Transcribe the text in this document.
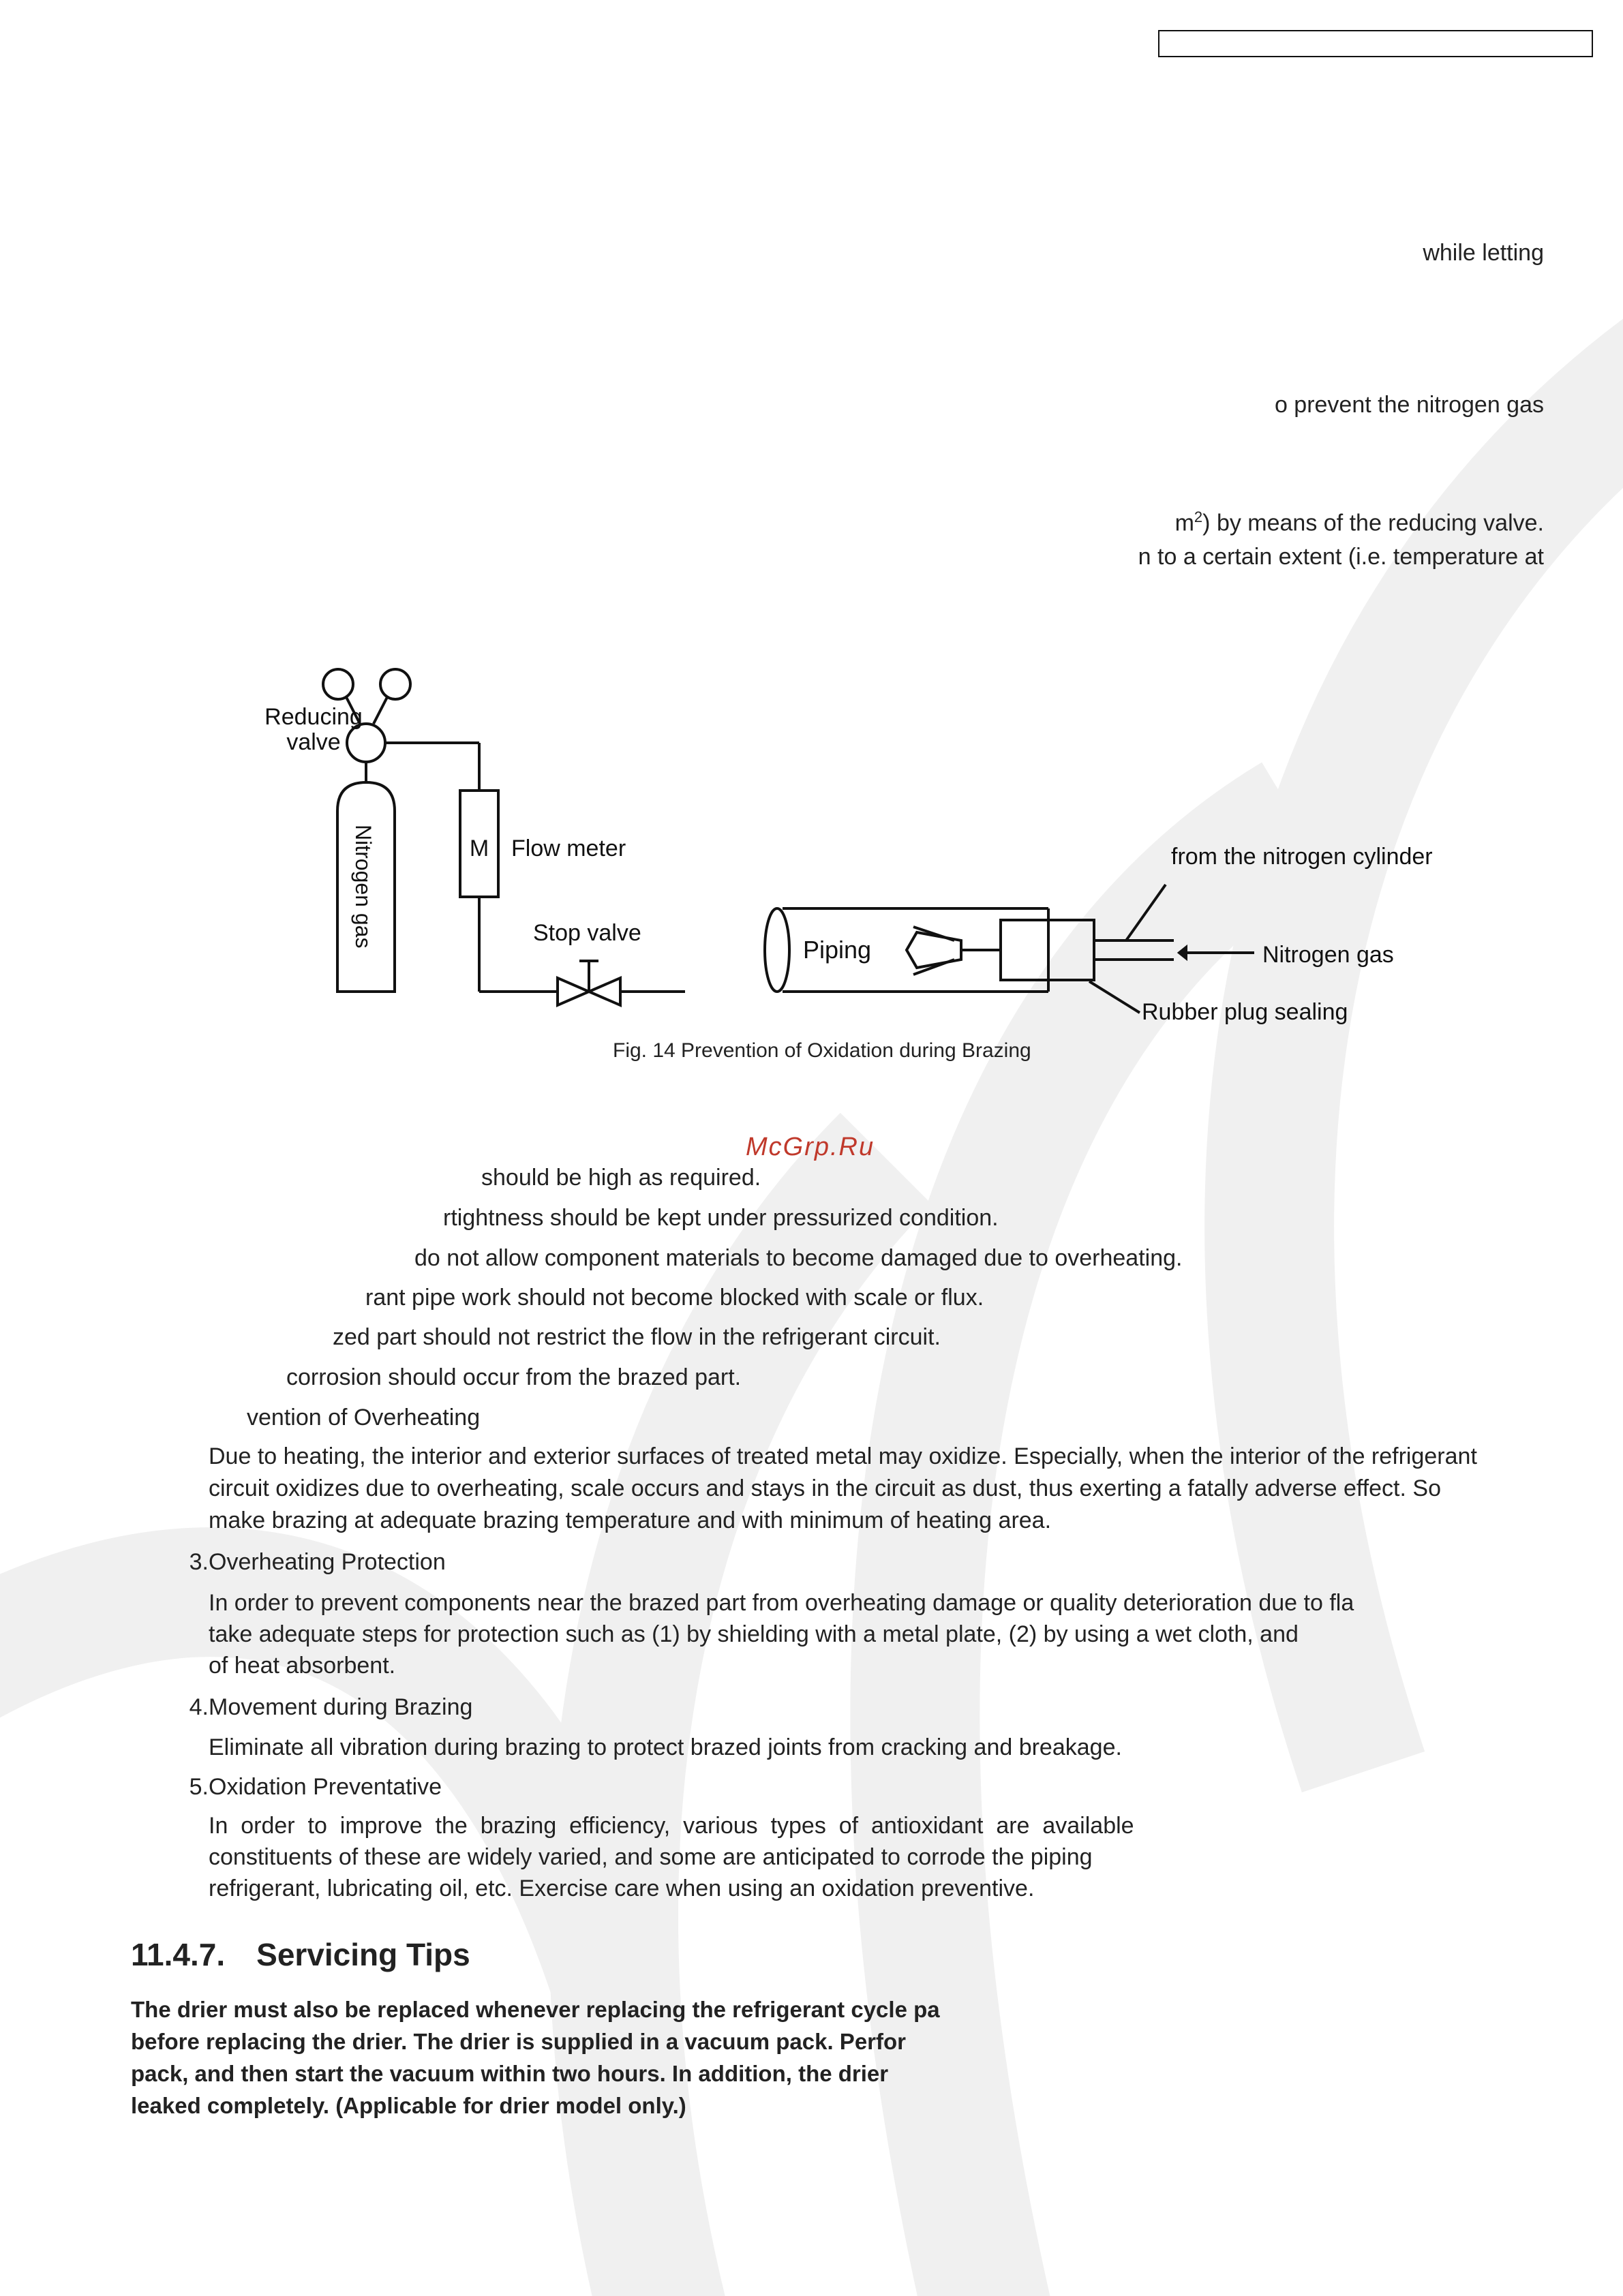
while letting
o prevent the nitrogen gas
$m^2$) by means of the reducing valve.
n to a certain extent (i.e. temperature at
Reducing
valve
Nitrogen gas	M Flow meter
Stop valve
Piping
from the nitrogen cylinder
Nitrogen gas
Rubber plug sealing
Fig. 14 Prevention of Oxidation during Brazing
McGrp.Ru
should be high as required.
rtightness should be kept under pressurized condition.
do not allow component materials to become damaged due to overheating.
rant pipe work should not become blocked with scale or flux.
zed part should not restrict the flow in the refrigerant circuit.
corrosion should occur from the brazed part.
vention of Overheating
Due to heating, the interior and exterior surfaces of treated metal may oxidize. Especially, when the interior of the refrigerant
circuit oxidizes due to overheating, scale occurs and stays in the circuit as dust, thus exerting a fatally adverse effect. So
make brazing at adequate brazing temperature and with minimum of heating area.
3. Overheating Protection
In order to prevent components near the brazed part from overheating damage or quality deterioration due to fla
take adequate steps for protection such as (1) by shielding with a metal plate, (2) by using a wet cloth, and
of heat absorbent.
4. Movement during Brazing
Eliminate all vibration during brazing to protect brazed joints from cracking and breakage.
5. Oxidation Preventative
In  order  to  improve  the  brazing  efficiency,  various  types  of  antioxidant  are  available
constituents of these are widely varied, and some are anticipated to corrode the piping
refrigerant, lubricating oil, etc. Exercise care when using an oxidation preventive.
11.4.7. Servicing Tips
The drier must also be replaced whenever replacing the refrigerant cycle pa
before replacing the drier. The drier is supplied in a vacuum pack. Perfor
pack, and then start the vacuum within two hours. In addition, the drier
leaked completely. (Applicable for drier model only.)
